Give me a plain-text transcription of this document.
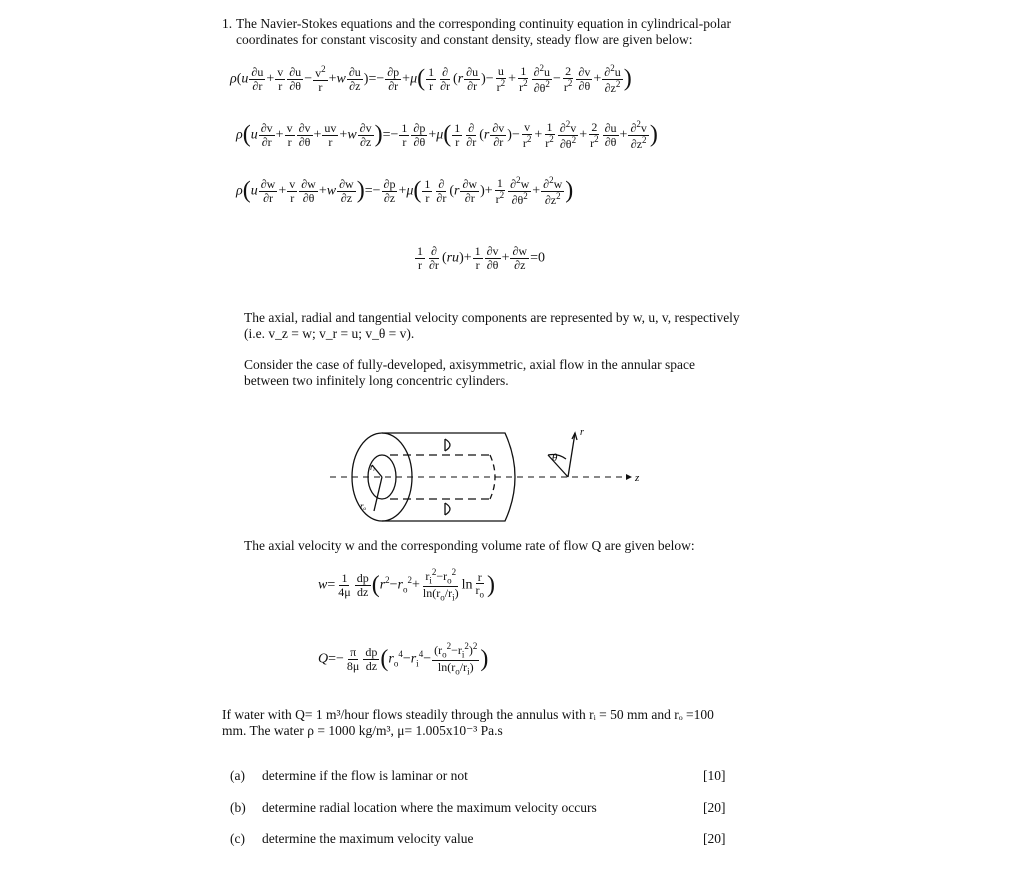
1. The Navier-Stokes equations and the corresponding continuity equation in cylindrical-polar
coordinates for constant viscosity and constant density, steady flow are given below:
$\rho(u \frac{\partial u}{\partial r} + \frac{v}{r} \frac{\partial u}{\partial\theta} - \frac{v^2}{r} +w \frac{\partial u}{\partial z}$ )=− $\frac{\partial p}{\partial r} +\mu( \frac{1}{r} \frac{\partial}{\partial r} (r \frac{\partial u}{\partial r}$ )− $\frac{u}{r^2} + \frac{1}{r^2} \frac{\partial^2u}{\partial\theta^2} - \frac{2}{r^2} \frac{\partial v}{\partial\theta} + \frac{\partial^2u}{\partial z^2}$ )
$\rho(u \frac{\partial v}{\partial r} + \frac{v}{r} \frac{\partial v}{\partial\theta} + \frac{uv}{r} +w \frac{\partial v}{\partial z}$ )=− $\frac{1}{r} \frac{\partial p}{\partial\theta} +\mu( \frac{1}{r} \frac{\partial}{\partial r} (r \frac{\partial v}{\partial r}$ )− $\frac{v}{r^2} + \frac{1}{r^2} \frac{\partial^2v}{\partial\theta^2} + \frac{2}{r^2} \frac{\partial u}{\partial\theta} + \frac{\partial^2v}{\partial z^2}$ )
$\rho(u \frac{\partial w}{\partial r} + \frac{v}{r} \frac{\partial w}{\partial\theta} +w \frac{\partial w}{\partial z}$ )=− $\frac{\partial p}{\partial z} +\mu( \frac{1}{r} \frac{\partial}{\partial r} (r \frac{\partial w}{\partial r}$ )+ $\frac{1}{r^2} \frac{\partial^2w}{\partial\theta^2} + \frac{\partial^2w}{\partial z^2}$ )
$\frac{1}{r} \frac{\partial}{\partial r} (ru)+ \frac{1}{r} \frac{\partial v}{\partial\theta} + \frac{\partial w}{\partial z} =0$
The axial, radial and tangential velocity components are represented by w, u, v, respectively
(i.e. v_z = w; v_r = u; v_θ = v).
Consider the case of fully-developed, axisymmetric, axial flow in the annular space
between two infinitely long concentric cylinders.
rᵢ
rₒ
θ
r
z
The axial velocity w and the corresponding volume rate of flow Q are given below:
$w= \frac{1}{4\mu} \frac{dp}{dz} (r^2-r_o^2+ \frac{r_i^2-r_o^2}{\ln(r_o/r_i)}$ $\ln \frac{r}{r_o}$ )
$Q=- \frac{\pi}{8\mu} \frac{dp}{dz} (r_o^4-r_i^4- \frac{(r_o^2-r_i^2)^2}{\ln(r_o/r_i)}$ )
If water with Q= 1 m³/hour flows steadily through the annulus with rᵢ = 50 mm and rₒ =100
mm. The water ρ = 1000 kg/m³, μ= 1.005x10⁻³ Pa.s
(a) determine if the flow is laminar or not	[10]
(b) determine radial location where the maximum velocity occurs	[20]
(c) determine the maximum velocity value	[20]
